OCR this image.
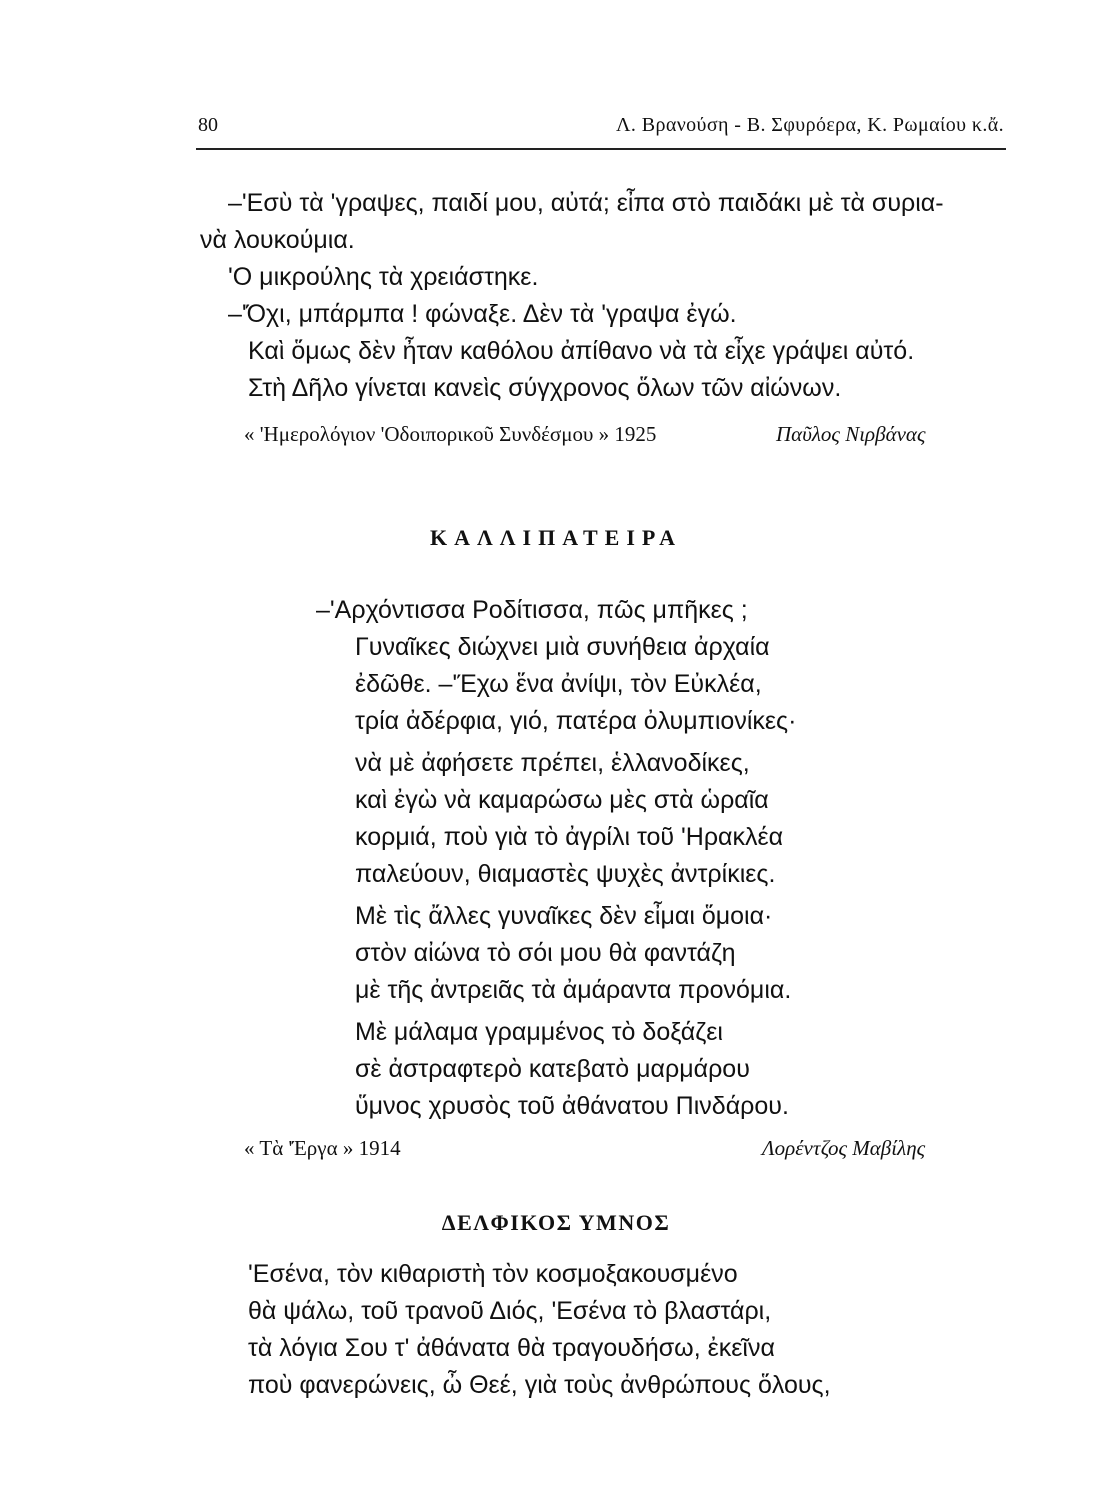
80	Λ. Βρανούση - Β. Σφυρόερα, Κ. Ρωμαίου κ.ἄ.
–'Εσὺ τὰ 'γραψες, παιδί μου, αὐτά; εἶπα στὸ παιδάκι μὲ τὰ συρια-
νὰ λουκούμια.
'Ο μικρούλης τὰ χρειάστηκε.
–'Όχι, μπάρμπα ! φώναξε. Δὲν τὰ 'γραψα ἐγώ.
Καὶ ὅμως δὲν ἦταν καθόλου ἀπίθανο νὰ τὰ εἶχε γράψει αὐτό.
Στὴ Δῆλο γίνεται κανεὶς σύγχρονος ὅλων τῶν αἰώνων.
« 'Ημερολόγιον 'Οδοιπορικοῦ Συνδέσμου » 1925	Παῦλος Νιρβάνας
ΚΑΛΛΙΠΑΤΕΙΡΑ
–'Αρχόντισσα Ροδίτισσα, πῶς μπῆκες ;
Γυναῖκες διώχνει μιὰ συνήθεια ἀρχαία
ἐδῶθε. –'Έχω ἕνα ἀνίψι, τὸν Εὐκλέα,
τρία ἀδέρφια, γιό, πατέρα ὀλυμπιονίκες·
νὰ μὲ ἀφήσετε πρέπει, ἑλλανοδίκες,
καὶ ἐγὼ νὰ καμαρώσω μὲς στὰ ὡραῖα
κορμιά, ποὺ γιὰ τὸ ἀγρίλι τοῦ 'Ηρακλέα
παλεύουν, θιαμαστὲς ψυχὲς ἀντρίκιες.
Μὲ τὶς ἄλλες γυναῖκες δὲν εἶμαι ὅμοια·
στὸν αἰώνα τὸ σόι μου θὰ φαντάζη
μὲ τῆς ἀντρειᾶς τὰ ἀμάραντα προνόμια.
Μὲ μάλαμα γραμμένος τὸ δοξάζει
σὲ ἀστραφτερὸ κατεβατὸ μαρμάρου
ὕμνος χρυσὸς τοῦ ἀθάνατου Πινδάρου.
« Τὰ 'Έργα » 1914	Λορέντζος Μαβίλης
ΔΕΛΦΙΚΟΣ ΥΜΝΟΣ
'Εσένα, τὸν κιθαριστὴ τὸν κοσμοξακουσμένο
θὰ ψάλω, τοῦ τρανοῦ Διός, 'Εσένα τὸ βλαστάρι,
τὰ λόγια Σου τ' ἀθάνατα θὰ τραγουδήσω, ἐκεῖνα
ποὺ φανερώνεις, ὦ Θεέ, γιὰ τοὺς ἀνθρώπους ὅλους,
